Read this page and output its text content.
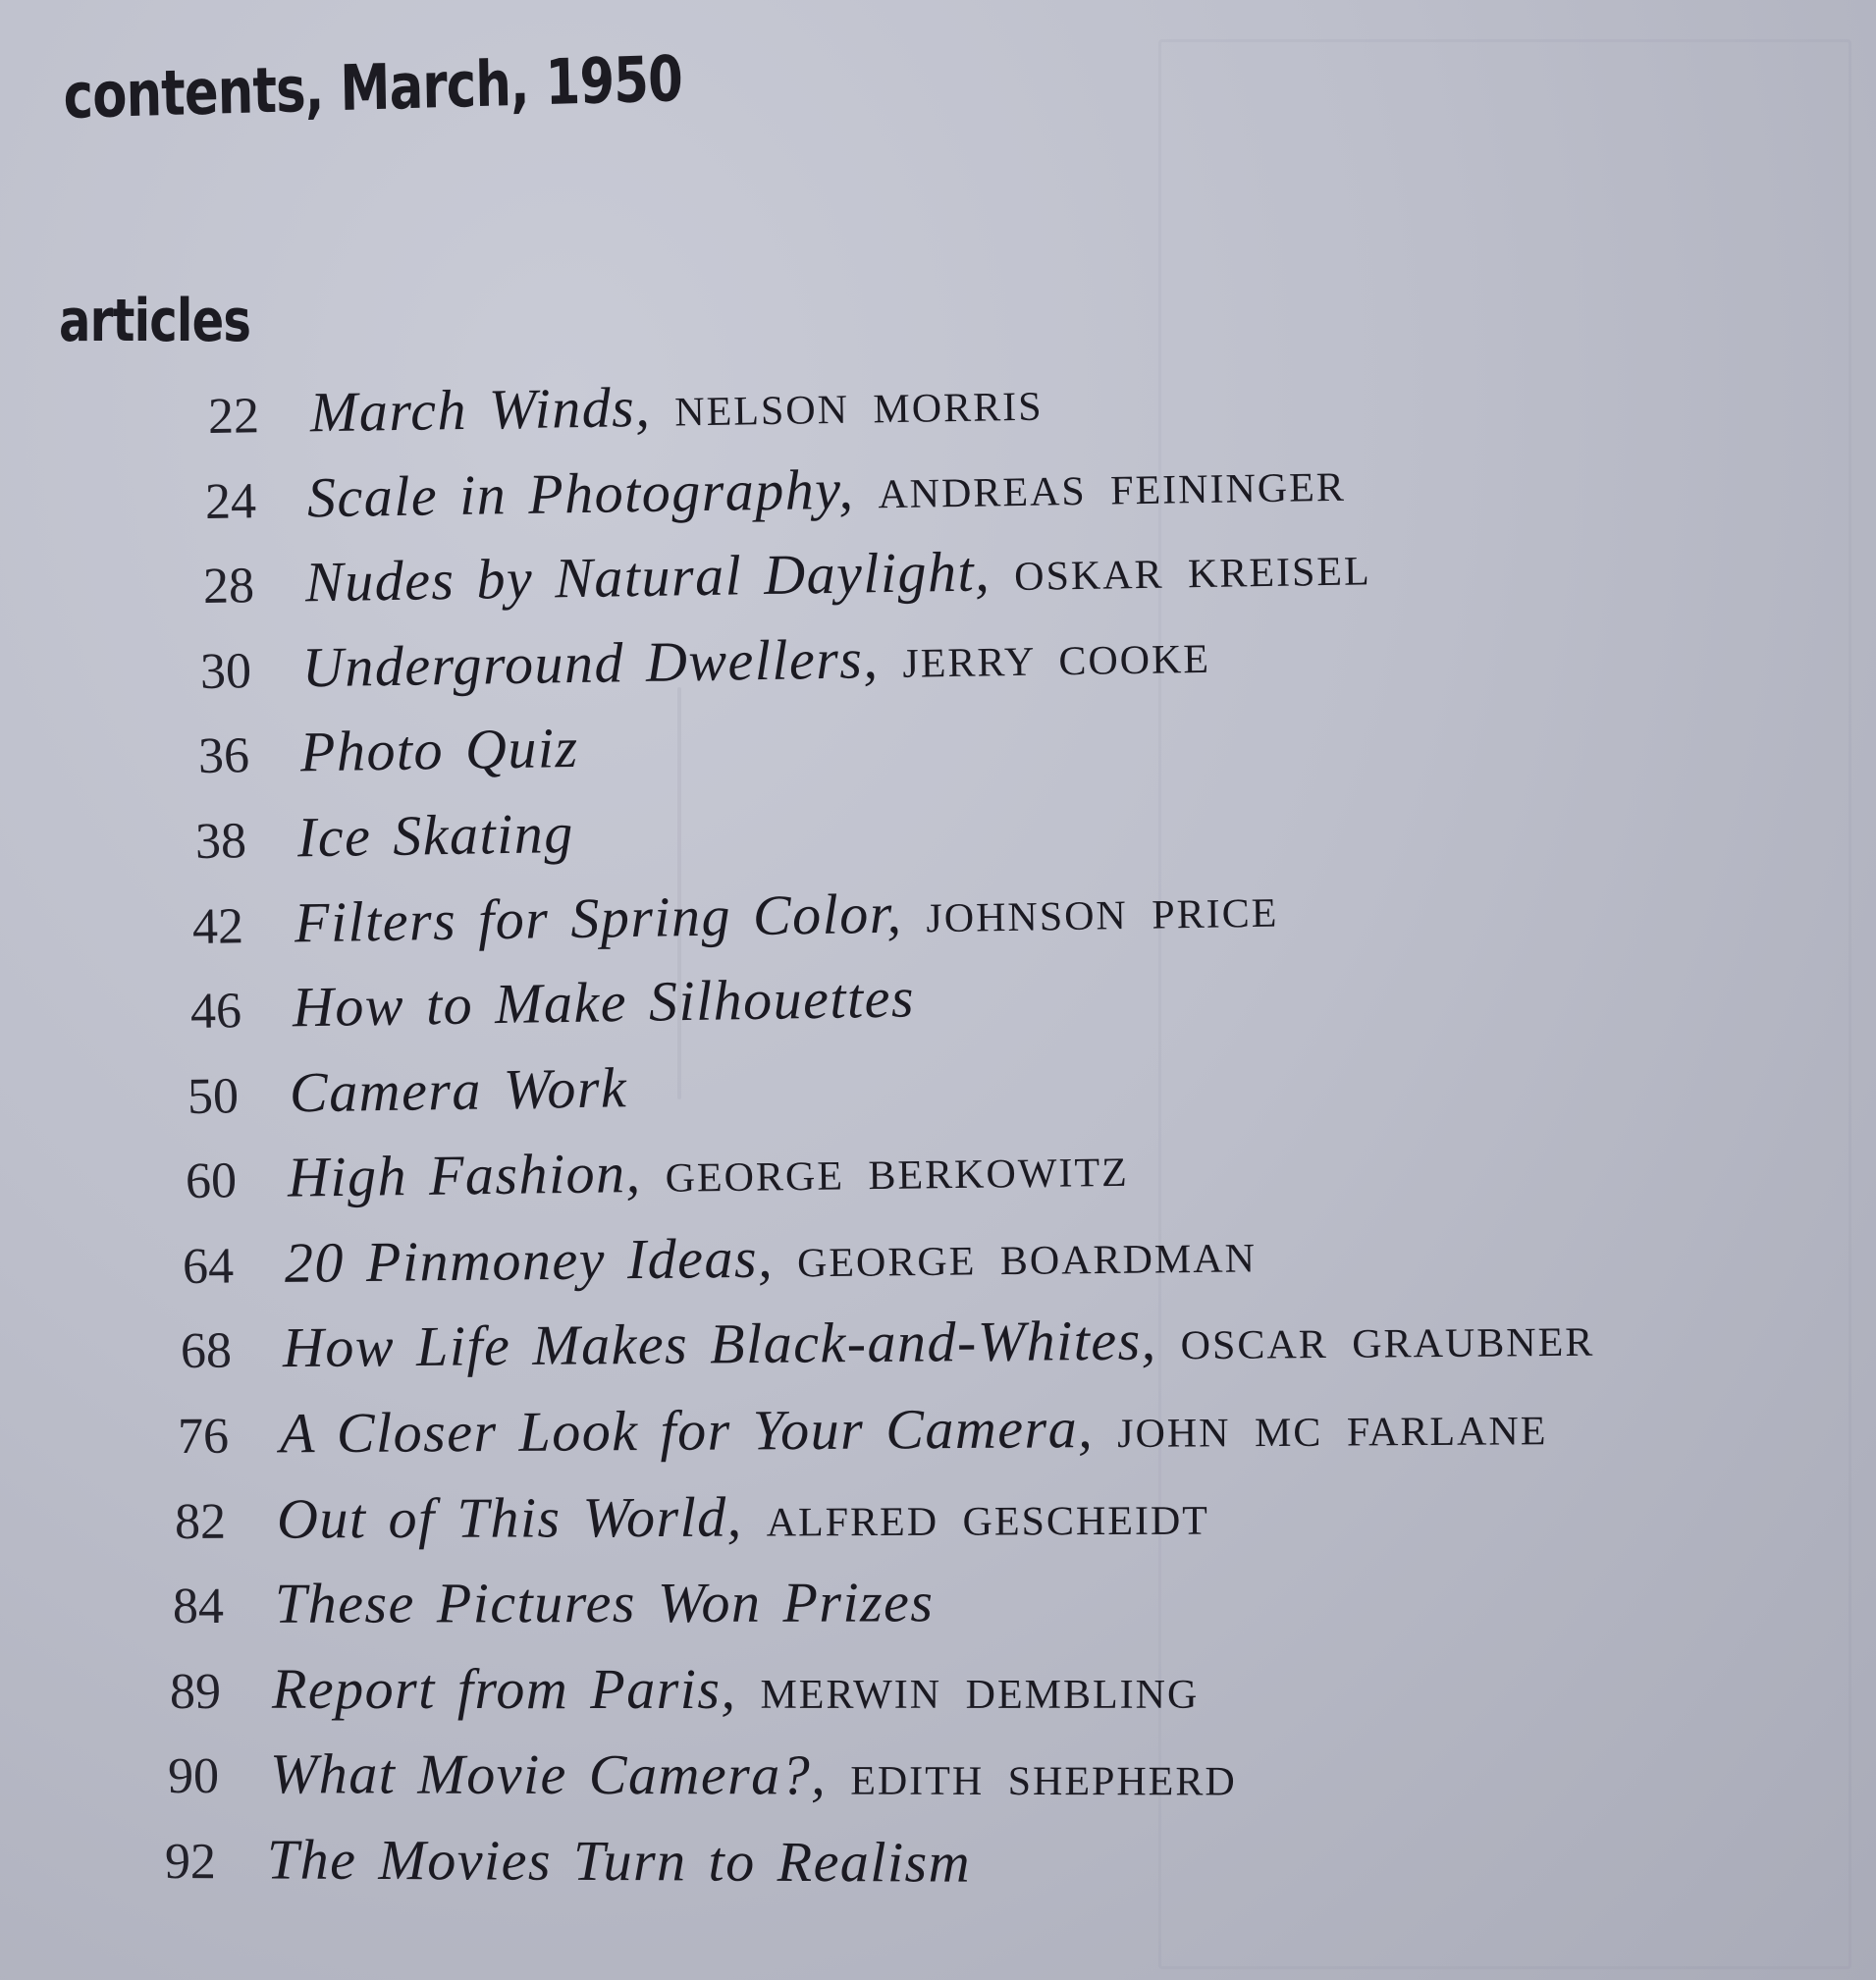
contents, March, 1950
articles
22 March Winds, NELSON MORRIS
24 Scale in Photography, ANDREAS FEININGER
28 Nudes by Natural Daylight, OSKAR KREISEL
30 Underground Dwellers, JERRY COOKE
36 Photo Quiz
38 Ice Skating
42 Filters for Spring Color, JOHNSON PRICE
46 How to Make Silhouettes
50 Camera Work
60 High Fashion, GEORGE BERKOWITZ
64 20 Pinmoney Ideas, GEORGE BOARDMAN
68 How Life Makes Black-and-Whites, OSCAR GRAUBNER
76 A Closer Look for Your Camera, JOHN MC FARLANE
82 Out of This World, ALFRED GESCHEIDT
84 These Pictures Won Prizes
89 Report from Paris, MERWIN DEMBLING
90 What Movie Camera?, EDITH SHEPHERD
92 The Movies Turn to Realism
